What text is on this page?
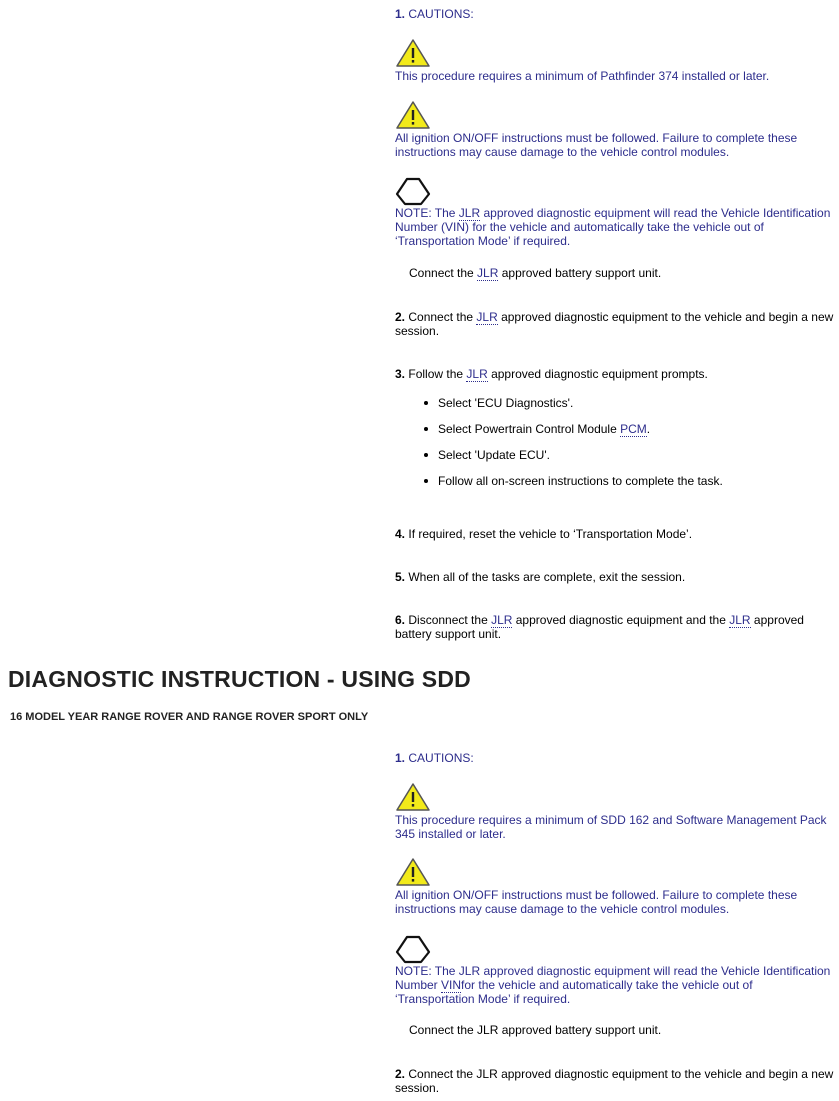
1. CAUTIONS:
This procedure requires a minimum of Pathfinder 374 installed or later.
All ignition ON/OFF instructions must be followed. Failure to complete these instructions may cause damage to the vehicle control modules.
NOTE: The JLR approved diagnostic equipment will read the Vehicle Identification Number (VIN) for the vehicle and automatically take the vehicle out of ‘Transportation Mode’ if required.
Connect the JLR approved battery support unit.
2. Connect the JLR approved diagnostic equipment to the vehicle and begin a new session.
3. Follow the JLR approved diagnostic equipment prompts.
Select 'ECU Diagnostics'.
Select Powertrain Control Module PCM.
Select 'Update ECU'.
Follow all on-screen instructions to complete the task.
4. If required, reset the vehicle to ‘Transportation Mode’.
5. When all of the tasks are complete, exit the session.
6. Disconnect the JLR approved diagnostic equipment and the JLR approved battery support unit.
DIAGNOSTIC INSTRUCTION - USING SDD
16 MODEL YEAR RANGE ROVER AND RANGE ROVER SPORT ONLY
1. CAUTIONS:
This procedure requires a minimum of SDD 162 and Software Management Pack 345 installed or later.
All ignition ON/OFF instructions must be followed. Failure to complete these instructions may cause damage to the vehicle control modules.
NOTE: The JLR approved diagnostic equipment will read the Vehicle Identification Number VINfor the vehicle and automatically take the vehicle out of ‘Transportation Mode’ if required.
Connect the JLR approved battery support unit.
2. Connect the JLR approved diagnostic equipment to the vehicle and begin a new session.
